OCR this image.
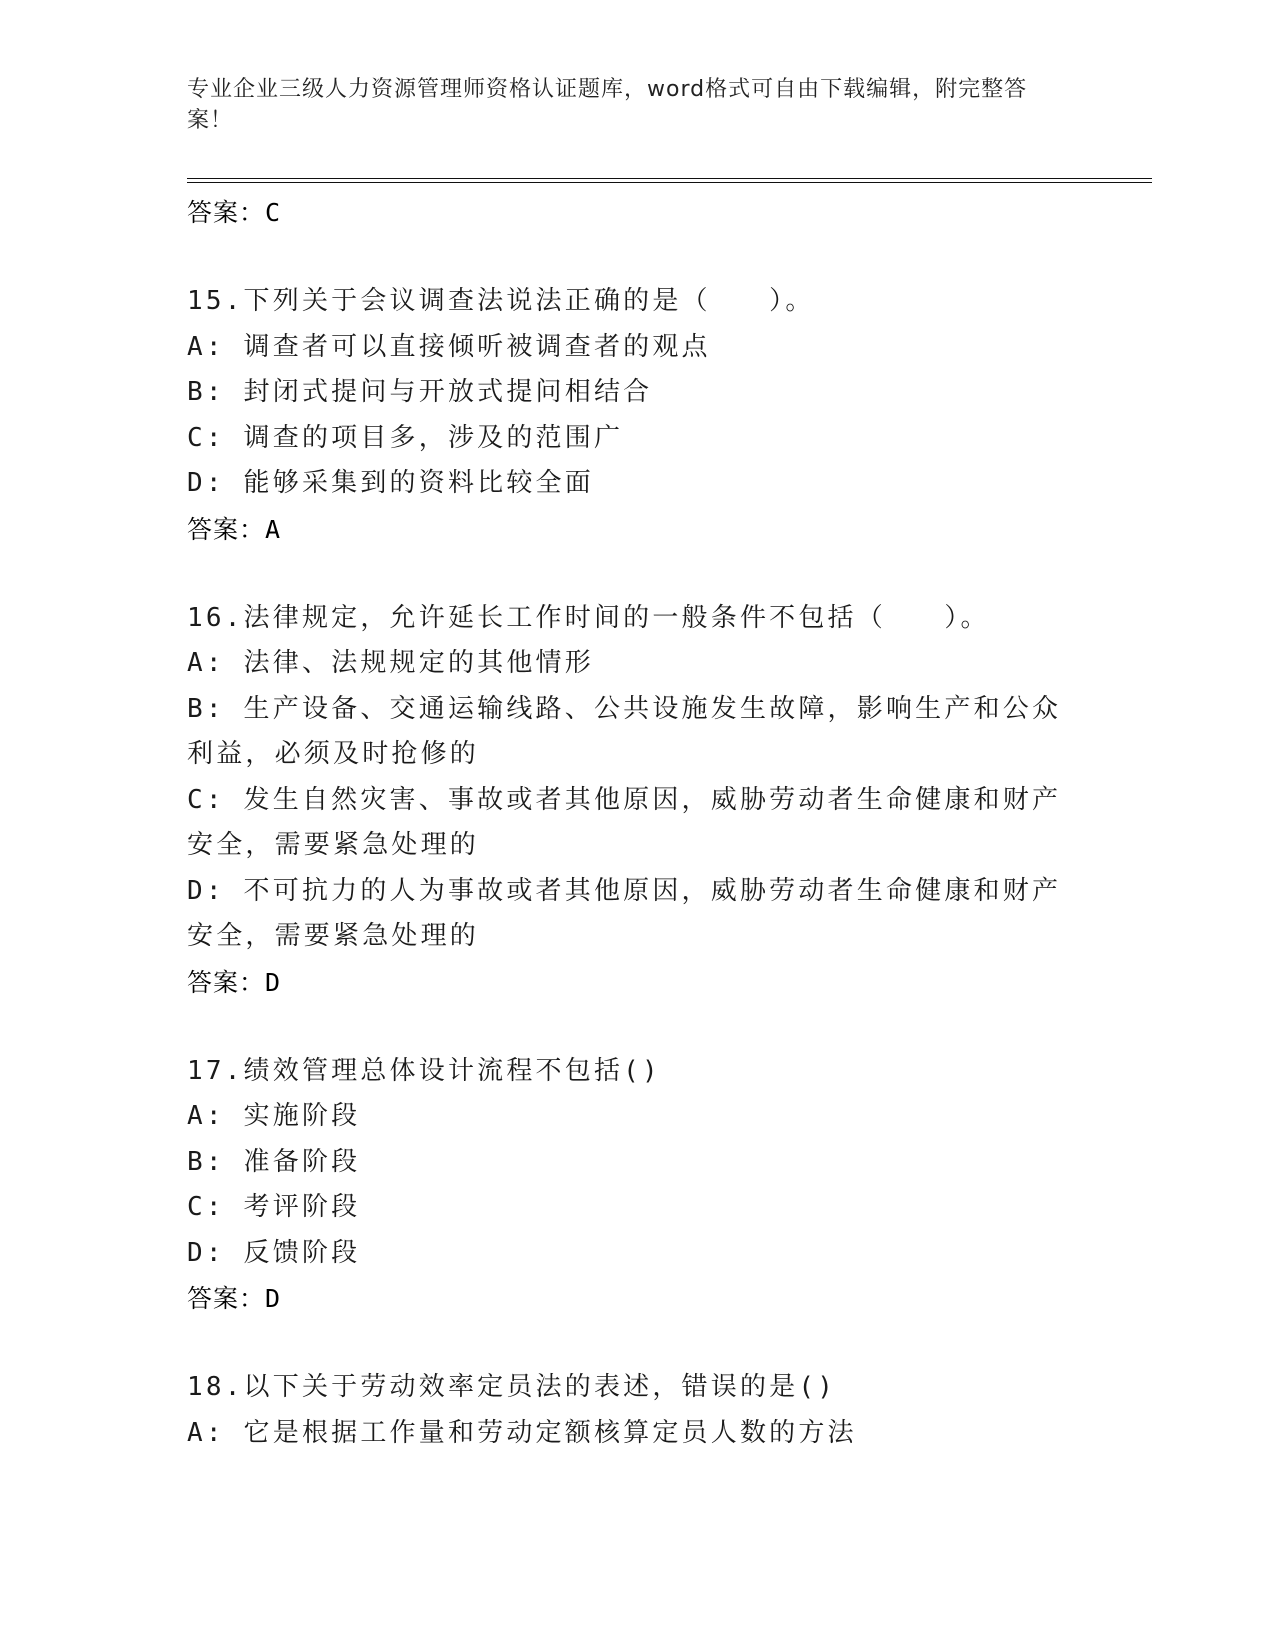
专业企业三级人力资源管理师资格认证题库，word格式可自由下载编辑，附完整答案！
答案：C
15.下列关于会议调查法说法正确的是（　　）。
A: 调查者可以直接倾听被调查者的观点
B: 封闭式提问与开放式提问相结合
C: 调查的项目多，涉及的范围广
D: 能够采集到的资料比较全面
答案：A
16.法律规定，允许延长工作时间的一般条件不包括（　　）。
A: 法律、法规规定的其他情形
B: 生产设备、交通运输线路、公共设施发生故障，影响生产和公众利益，必须及时抢修的
C: 发生自然灾害、事故或者其他原因，威胁劳动者生命健康和财产安全，需要紧急处理的
D: 不可抗力的人为事故或者其他原因，威胁劳动者生命健康和财产安全，需要紧急处理的
答案：D
17.绩效管理总体设计流程不包括()
A: 实施阶段
B: 准备阶段
C: 考评阶段
D: 反馈阶段
答案：D
18.以下关于劳动效率定员法的表述，错误的是()
A: 它是根据工作量和劳动定额核算定员人数的方法
